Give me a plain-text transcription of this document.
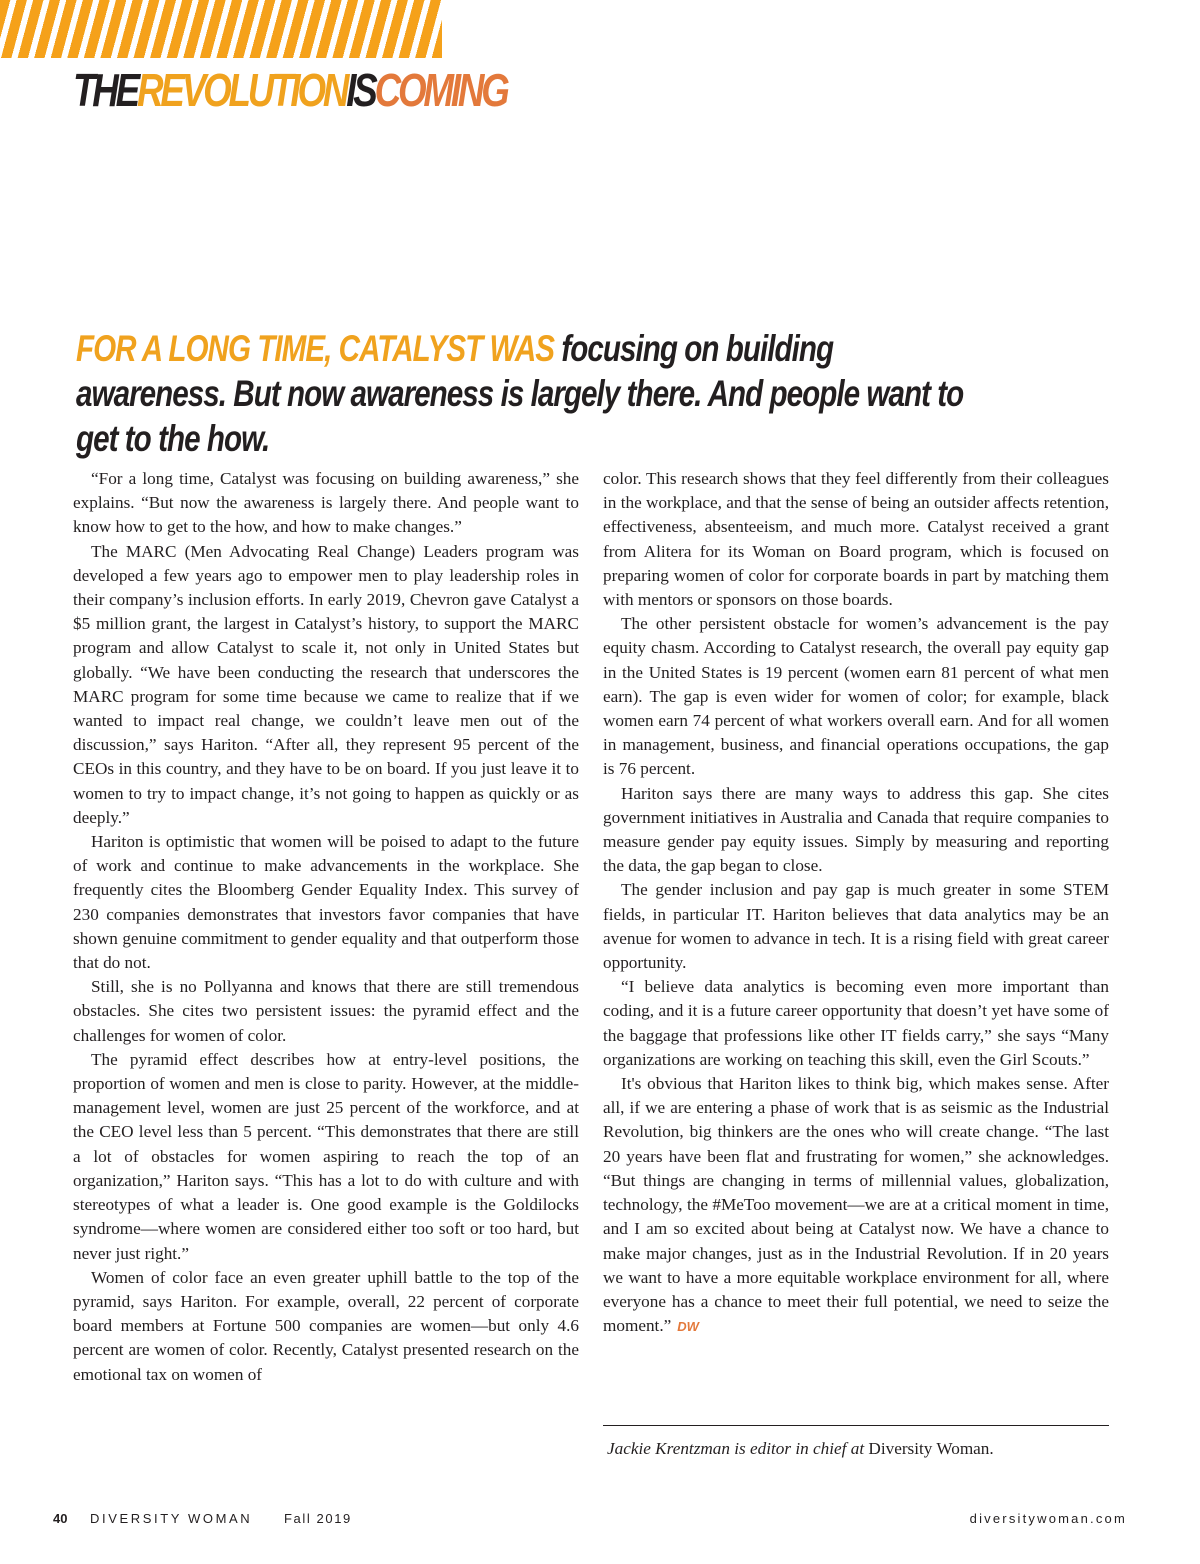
THEREVOLUTIONISCOMING

FOR A LONG TIME, CATALYST WAS focusing on building awareness. But now awareness is largely there. And people want to get to the how.

“For a long time, Catalyst was focusing on building awareness,” she explains. “But now the awareness is largely there. And people want to know how to get to the how, and how to make changes.”

The MARC (Men Advocating Real Change) Leaders program was developed a few years ago to empower men to play leadership roles in their company’s inclusion efforts. In early 2019, Chevron gave Catalyst a $5 million grant, the largest in Catalyst’s history, to support the MARC program and allow Catalyst to scale it, not only in United States but globally. “We have been conducting the research that underscores the MARC program for some time because we came to realize that if we wanted to impact real change, we couldn’t leave men out of the discussion,” says Hariton. “After all, they represent 95 percent of the CEOs in this country, and they have to be on board. If you just leave it to women to try to impact change, it’s not going to happen as quickly or as deeply.”

Hariton is optimistic that women will be poised to adapt to the future of work and continue to make advancements in the workplace. She frequently cites the Bloomberg Gender Equality Index. This survey of 230 companies demonstrates that investors favor companies that have shown genuine commitment to gender equality and that outperform those that do not.

Still, she is no Pollyanna and knows that there are still tremendous obstacles. She cites two persistent issues: the pyramid effect and the challenges for women of color.

The pyramid effect describes how at entry-level positions, the proportion of women and men is close to parity. However, at the middle-management level, women are just 25 percent of the workforce, and at the CEO level less than 5 percent. “This demonstrates that there are still a lot of obstacles for women aspiring to reach the top of an organization,” Hariton says. “This has a lot to do with culture and with stereotypes of what a leader is. One good example is the Goldilocks syndrome—where women are considered either too soft or too hard, but never just right.”

Women of color face an even greater uphill battle to the top of the pyramid, says Hariton. For example, overall, 22 percent of corporate board members at Fortune 500 companies are women—but only 4.6 percent are women of color. Recently, Catalyst presented research on the emotional tax on women of

color. This research shows that they feel differently from their colleagues in the workplace, and that the sense of being an outsider affects retention, effectiveness, absenteeism, and much more. Catalyst received a grant from Alitera for its Woman on Board program, which is focused on preparing women of color for corporate boards in part by matching them with mentors or sponsors on those boards.

The other persistent obstacle for women’s advancement is the pay equity chasm. According to Catalyst research, the overall pay equity gap in the United States is 19 percent (women earn 81 percent of what men earn). The gap is even wider for women of color; for example, black women earn 74 percent of what workers overall earn. And for all women in management, business, and financial operations occupations, the gap is 76 percent.

Hariton says there are many ways to address this gap. She cites government initiatives in Australia and Canada that require companies to measure gender pay equity issues. Simply by measuring and reporting the data, the gap began to close.

The gender inclusion and pay gap is much greater in some STEM fields, in particular IT. Hariton believes that data analytics may be an avenue for women to advance in tech. It is a rising field with great career opportunity.

“I believe data analytics is becoming even more important than coding, and it is a future career opportunity that doesn’t yet have some of the baggage that professions like other IT fields carry,” she says “Many organizations are working on teaching this skill, even the Girl Scouts.”

It's obvious that Hariton likes to think big, which makes sense. After all, if we are entering a phase of work that is as seismic as the Industrial Revolution, big thinkers are the ones who will create change. “The last 20 years have been flat and frustrating for women,” she acknowledges. “But things are changing in terms of millennial values, globalization, technology, the #MeToo movement—we are at a critical moment in time, and I am so excited about being at Catalyst now. We have a chance to make major changes, just as in the Industrial Revolution. If in 20 years we want to have a more equitable workplace environment for all, where everyone has a chance to meet their full potential, we need to seize the moment.” DW

Jackie Krentzman is editor in chief at Diversity Woman.

40 DIVERSITY WOMAN Fall 2019	diversitywoman.com
